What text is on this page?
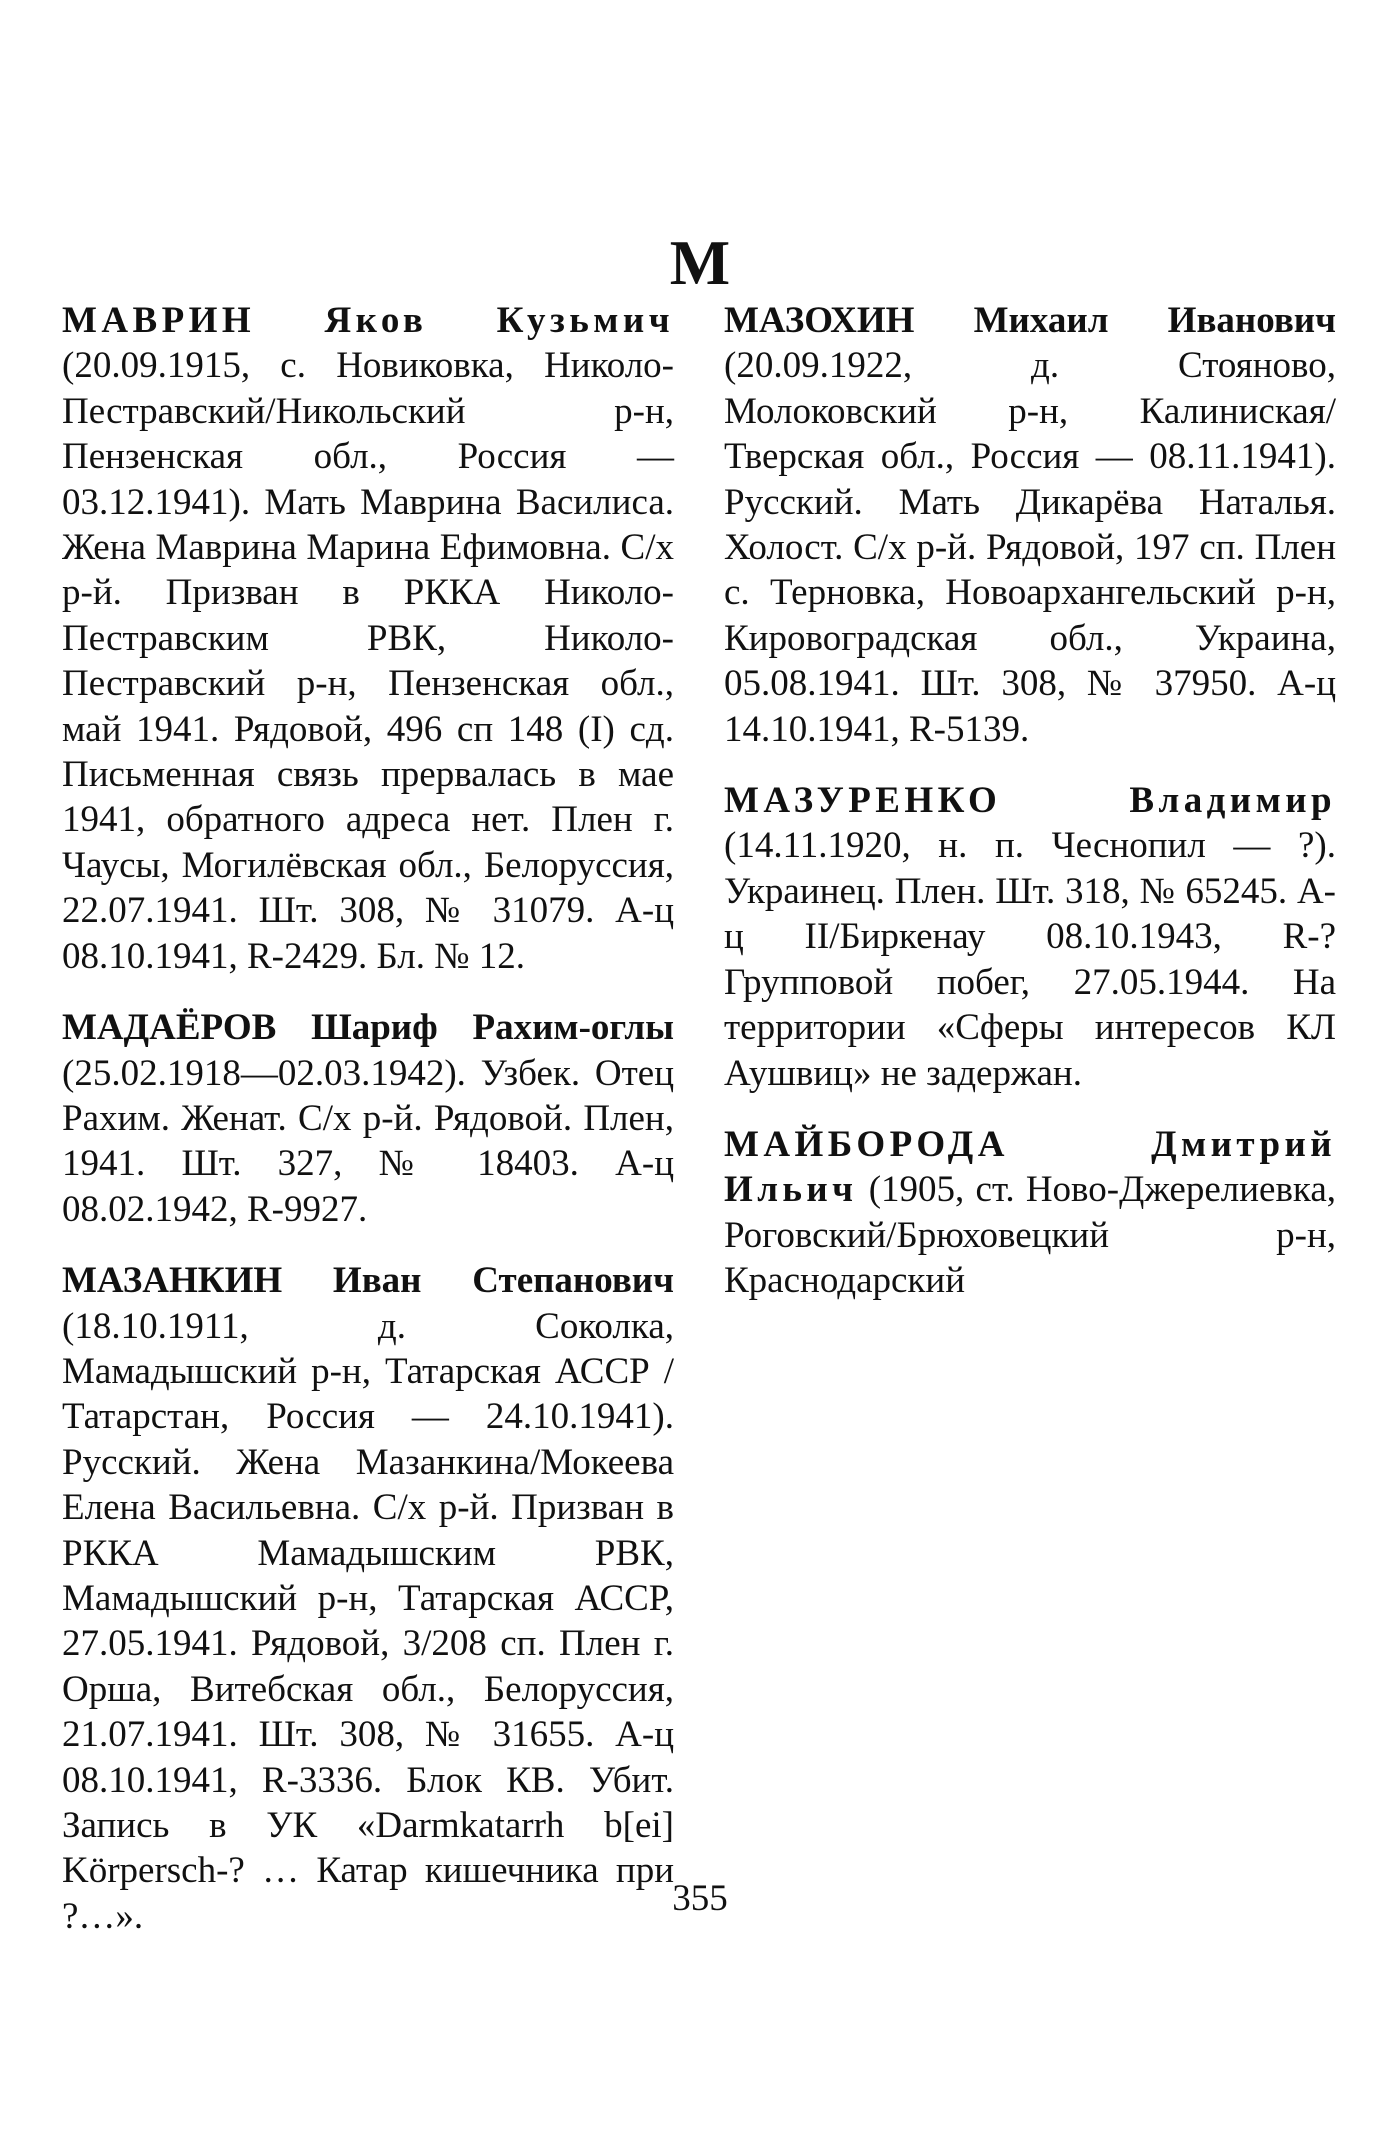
М

МАВРИН Яков Кузьмич (20.09.1915, с. Новиковка, Николо-Пестравский/Никольский р-н, Пензенская обл., Россия — 03.12.1941). Мать Маврина Василиса. Жена Маврина Марина Ефимовна. С/х р-й. Призван в РККА Николо-Пестравским РВК, Николо-Пестравский р-н, Пензенская обл., май 1941. Рядовой, 496 сп 148 (I) сд. Письменная связь прервалась в мае 1941, обратного адреса нет. Плен г. Чаусы, Могилёвская обл., Белоруссия, 22.07.1941. Шт. 308, № 31079. А-ц 08.10.1941, R-2429. Бл. № 12.

МАДАЁРОВ Шариф Рахим-оглы (25.02.1918—02.03.1942). Узбек. Отец Рахим. Женат. С/х р-й. Рядовой. Плен, 1941. Шт. 327, № 18403. А-ц 08.02.1942, R-9927.

МАЗАНКИН Иван Степанович (18.10.1911, д. Соколка, Мамадышский р-н, Татарская АССР / Татарстан, Россия — 24.10.1941). Русский. Жена Мазанкина/Мокеева Елена Васильевна. С/х р-й. Призван в РККА Мамадышским РВК, Мамадышский р-н, Татарская АССР, 27.05.1941. Рядовой, 3/208 сп. Плен г. Орша, Витебская обл., Белоруссия, 21.07.1941. Шт. 308, № 31655. А-ц 08.10.1941, R-3336. Блок КВ. Убит. Запись в УК «Darmkatarrh b[ei] Körpersch-? … Катар кишечника при ?…».

МАЗОХИН Михаил Иванович (20.09.1922, д. Стояново, Молоковский р-н, Калиниская/Тверская обл., Россия — 08.11.1941). Русский. Мать Дикарёва Наталья. Холост. С/х р-й. Рядовой, 197 сп. Плен с. Терновка, Новоархангельский р-н, Кировоградская обл., Украина, 05.08.1941. Шт. 308, № 37950. А-ц 14.10.1941, R-5139.

МАЗУРЕНКО Владимир (14.11.1920, н. п. Чеснопил — ?). Украинец. Плен. Шт. 318, № 65245. А-ц II/Биркенау 08.10.1943, R-? Групповой побег, 27.05.1944. На территории «Сферы интересов КЛ Аушвиц» не задержан.

МАЙБОРОДА Дмитрий Ильич (1905, ст. Ново-Джерелиевка, Роговский/Брюховецкий р-н, Краснодарский

355
